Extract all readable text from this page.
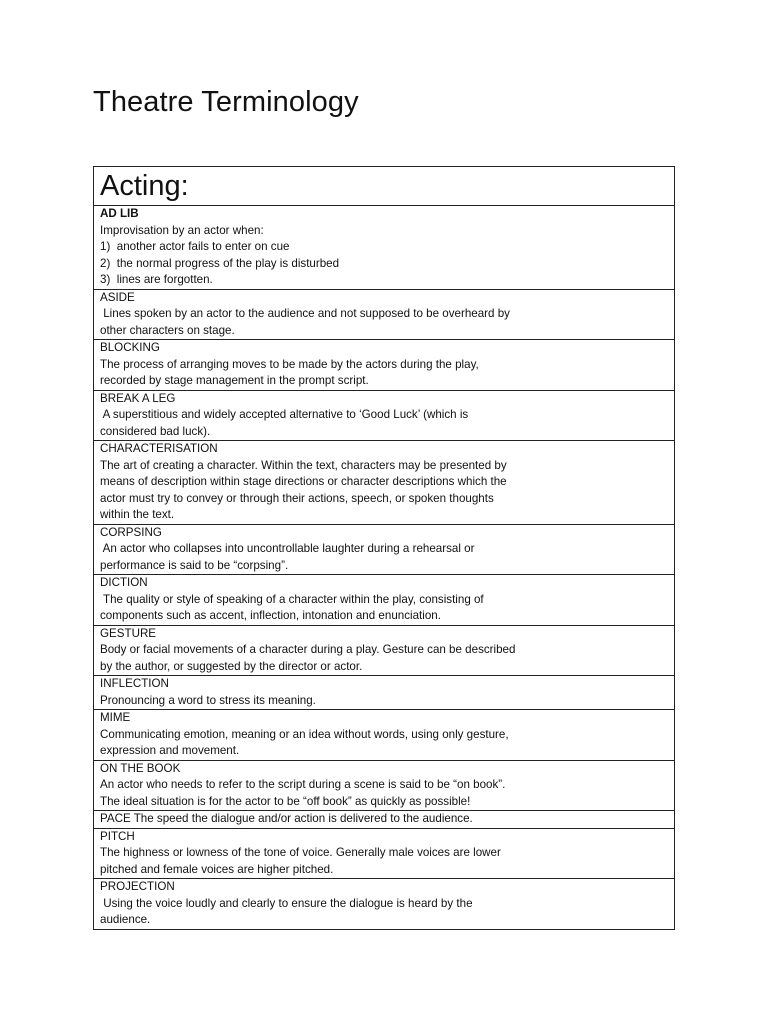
Theatre Terminology
Acting:

AD LIB
Improvisation by an actor when:
1)  another actor fails to enter on cue
2)  the normal progress of the play is disturbed
3)  lines are forgotten.

ASIDE
Lines spoken by an actor to the audience and not supposed to be overheard by
other characters on stage.

BLOCKING
The process of arranging moves to be made by the actors during the play,
recorded by stage management in the prompt script.

BREAK A LEG
A superstitious and widely accepted alternative to ‘Good Luck’ (which is
considered bad luck).

CHARACTERISATION
The art of creating a character. Within the text, characters may be presented by
means of description within stage directions or character descriptions which the
actor must try to convey or through their actions, speech, or spoken thoughts
within the text.

CORPSING
An actor who collapses into uncontrollable laughter during a rehearsal or
performance is said to be “corpsing”.

DICTION
The quality or style of speaking of a character within the play, consisting of
components such as accent, inflection, intonation and enunciation.

GESTURE
Body or facial movements of a character during a play. Gesture can be described
by the author, or suggested by the director or actor.

INFLECTION
Pronouncing a word to stress its meaning.

MIME
Communicating emotion, meaning or an idea without words, using only gesture,
expression and movement.

ON THE BOOK
An actor who needs to refer to the script during a scene is said to be “on book”.
The ideal situation is for the actor to be “off book” as quickly as possible!

PACE The speed the dialogue and/or action is delivered to the audience.

PITCH
The highness or lowness of the tone of voice. Generally male voices are lower
pitched and female voices are higher pitched.

PROJECTION
Using the voice loudly and clearly to ensure the dialogue is heard by the
audience.
